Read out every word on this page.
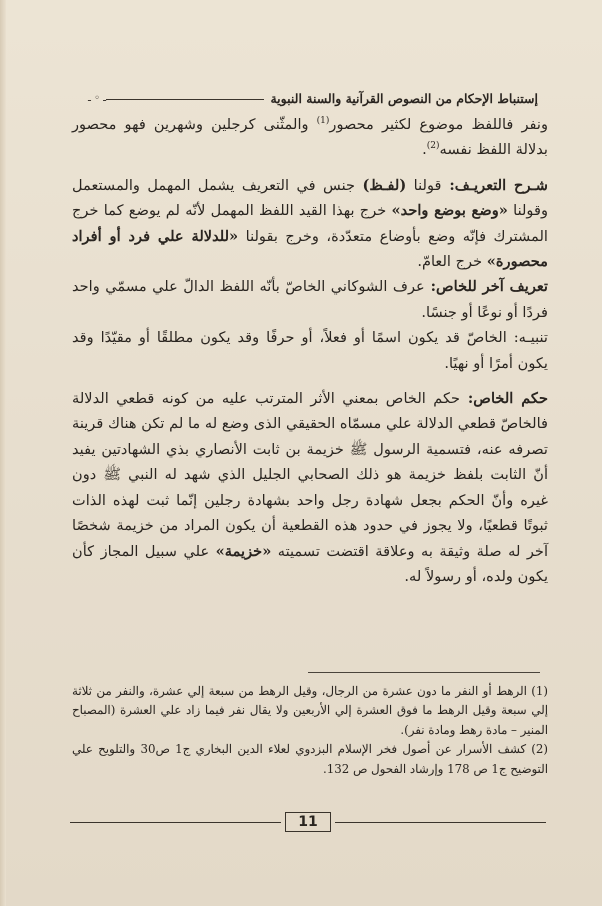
إستنباط الإحكام من النصوص القرآنية والسنة النبوية
ـ‍ ◦ ‍ـ

ونفر فاللفظ موضوع لكثير محصور$^{(1)}$ والمثّنى كرجلين وشهرين فهو محصور بدلالة اللفظ نفسه$^{(2)}$.

شـرح التعريـف: قولنا (لفـظ) جنس في التعريف يشمل المهمل والمستعمل وقولنا «وضع بوضع واحد» خرج بهذا القيد اللفظ المهمل لأنّه لم يوضع كما خرج المشترك فإنّه وضع بأوضاع متعدّدة، وخرج بقولنا «للدلالة علي فرد أو أفراد محصورة» خرج العامّ.

تعريف آخر للخاص: عرف الشوكاني الخاصّ بأنّه اللفظ الدالّ علي مسمّي واحد فردًا أو نوعًا أو جنسًا.

تنبيـه: الخاصّ قد يكون اسمًا أو فعلاً، أو حرفًا وقد يكون مطلقًا أو مقيّدًا وقد يكون أمرًا أو نهيًا.

حكم الخاص: حكم الخاص بمعني الأثر المترتب عليه من كونه قطعي الدلالة فالخاصّ قطعي الدلالة علي مسمّاه الحقيقي الذى وضع له ما لم تكن هناك قرينة تصرفه عنه، فتسمية الرسول ﷺ خزيمة بن ثابت الأنصاري بذي الشهادتين يفيد أنّ الثابت بلفظ خزيمة هو ذلك الصحابي الجليل الذي شهد له النبي ﷺ دون غيره وأنّ الحكم بجعل شهادة رجل واحد بشهادة رجلين إنّما ثبت لهذه الذات ثبوتًا قطعيًا، ولا يجوز في حدود هذه القطعية أن يكون المراد من خزيمة شخصًا آخر له صلة وثيقة به وعلاقة اقتضت تسميته «خزيمة» علي سبيل المجاز كأن يكون ولده، أو رسولاً له.

(1) الرهط أو النفر ما دون عشرة من الرجال، وقيل الرهط من سبعة إلي عشرة، والنفر من ثلاثة إلي سبعة وقيل الرهط ما فوق العشرة إلي الأربعين ولا يقال نفر فيما زاد علي العشرة (المصباح المنير – مادة رهط ومادة نفر).

(2) كشف الأسرار عن أصول فخر الإسلام البزدوي لعلاء الدين البخاري ج1 ص30 والتلويح علي التوضيح ج1 ص 178 وإرشاد الفحول ص 132.

11
